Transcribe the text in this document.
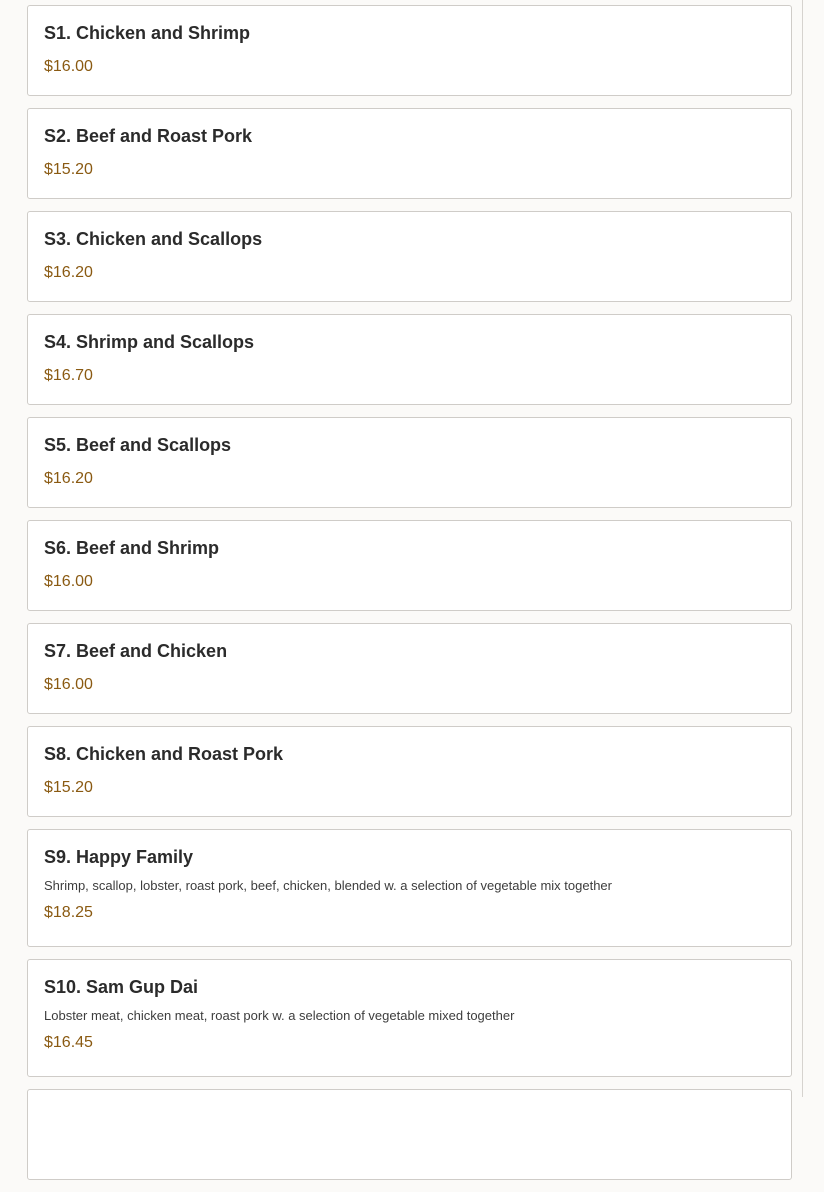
S1. Chicken and Shrimp
$16.00
S2. Beef and Roast Pork
$15.20
S3. Chicken and Scallops
$16.20
S4. Shrimp and Scallops
$16.70
S5. Beef and Scallops
$16.20
S6. Beef and Shrimp
$16.00
S7. Beef and Chicken
$16.00
S8. Chicken and Roast Pork
$15.20
S9. Happy Family
Shrimp, scallop, lobster, roast pork, beef, chicken, blended w. a selection of vegetable mix together
$18.25
S10. Sam Gup Dai
Lobster meat, chicken meat, roast pork w. a selection of vegetable mixed together
$16.45
